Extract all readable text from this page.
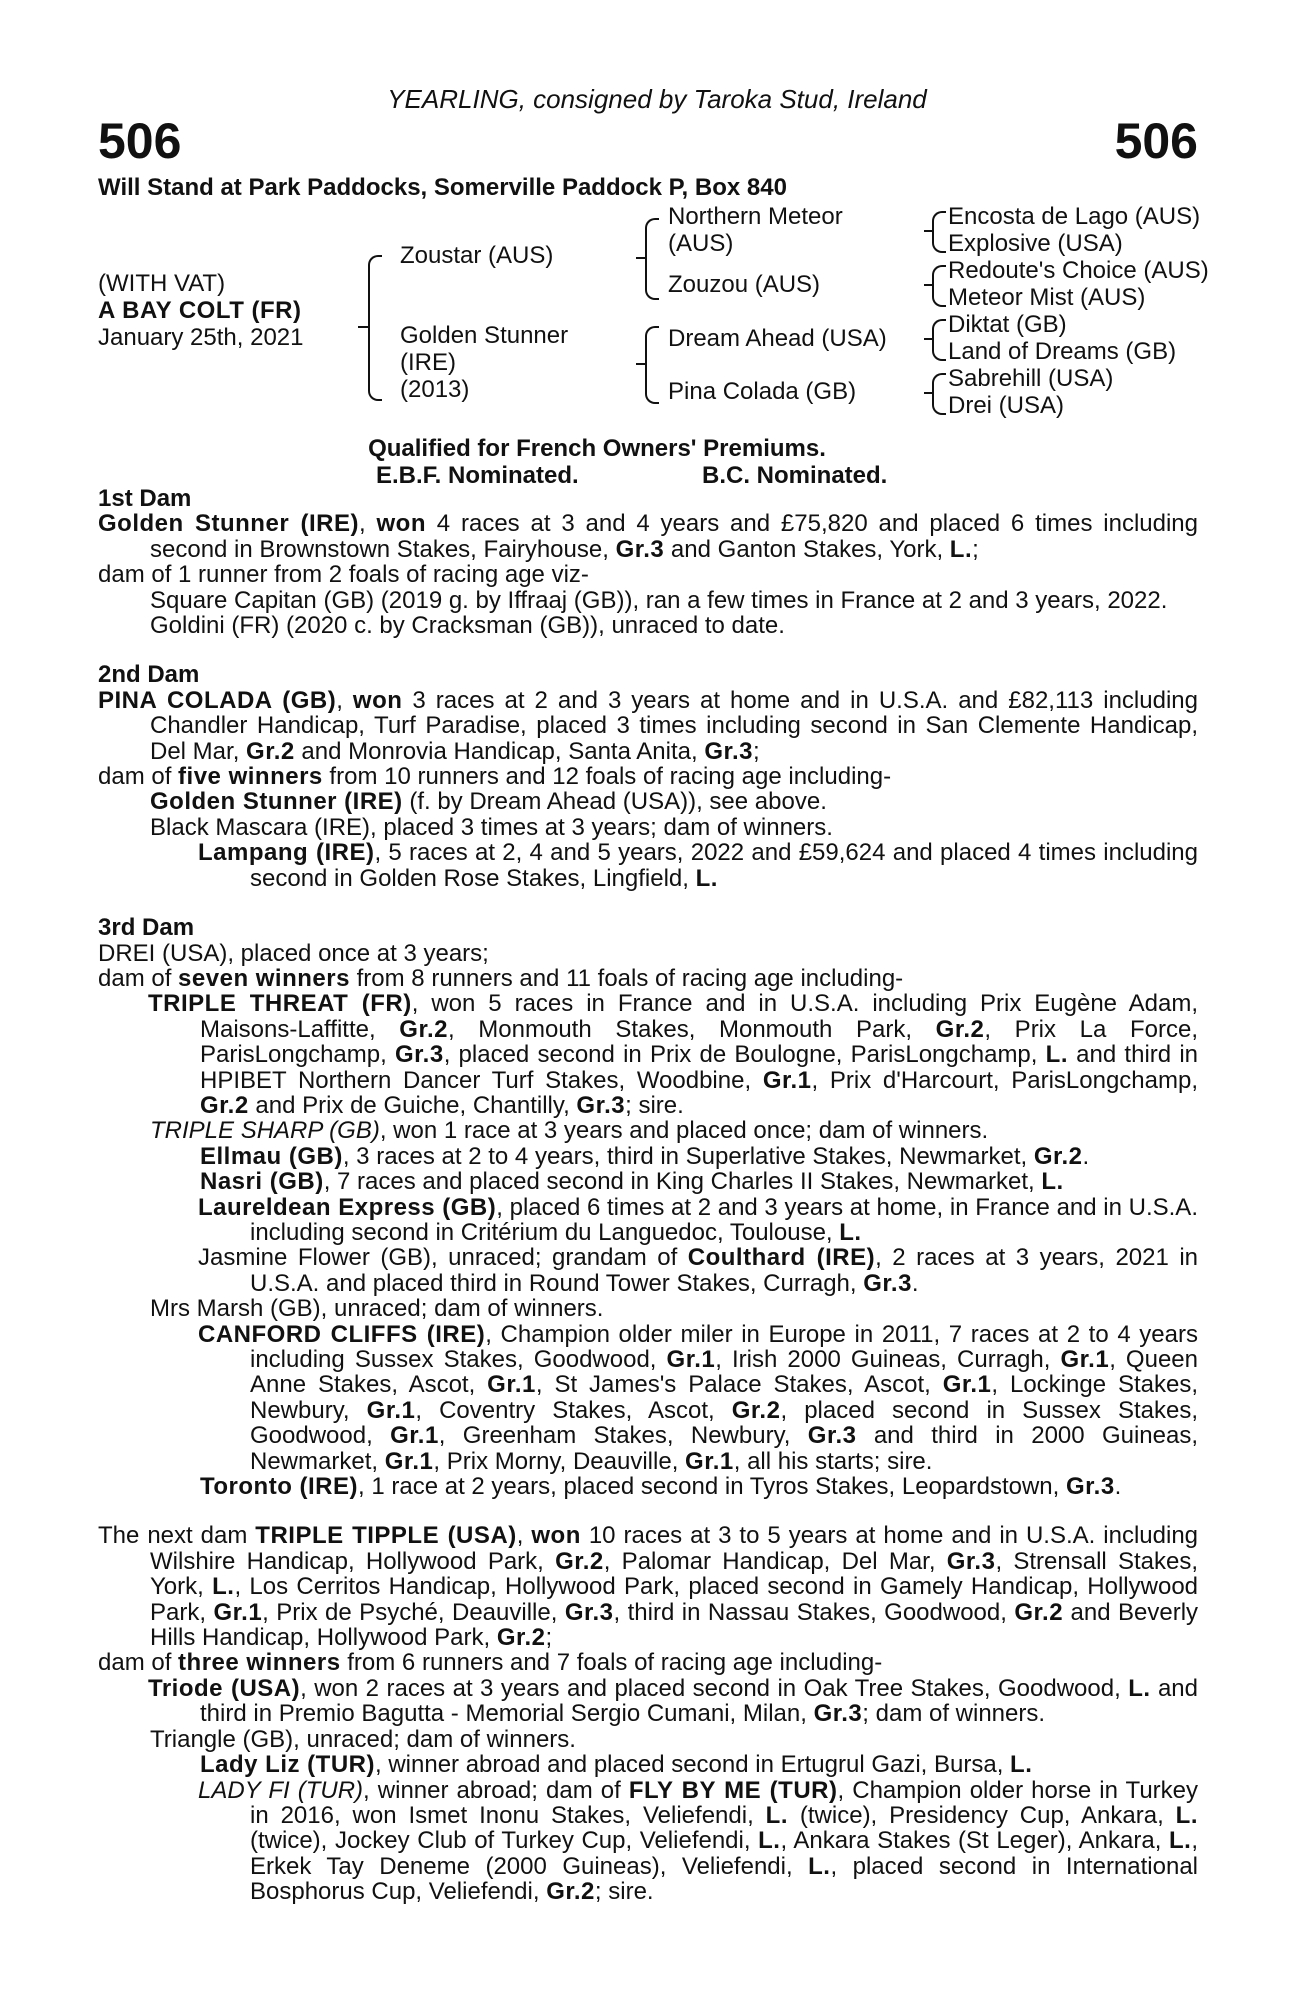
YEARLING, consigned by Taroka Stud, Ireland
506	506
Will Stand at Park Paddocks, Somerville Paddock P, Box 840
(WITH VAT)
A BAY COLT (FR)
January 25th, 2021
Zoustar (AUS)
Golden Stunner
(IRE)
(2013)
Northern Meteor
(AUS)
Zouzou (AUS)
Dream Ahead (USA)
Pina Colada (GB)
Encosta de Lago (AUS)
Explosive (USA)
Redoute's Choice (AUS)
Meteor Mist (AUS)
Diktat (GB)
Land of Dreams (GB)
Sabrehill (USA)
Drei (USA)
Qualified for French Owners' Premiums.
E.B.F. Nominated.	B.C. Nominated.
1st Dam

Golden Stunner (IRE), won 4 races at 3 and 4 years and £75,820 and placed 6 times including second in Brownstown Stakes, Fairyhouse, Gr.3 and Ganton Stakes, York, L.;

dam of 1 runner from 2 foals of racing age viz-

Square Capitan (GB) (2019 g. by Iffraaj (GB)), ran a few times in France at 2 and 3 years, 2022.

Goldini (FR) (2020 c. by Cracksman (GB)), unraced to date.

2nd Dam

PINA COLADA (GB), won 3 races at 2 and 3 years at home and in U.S.A. and £82,113 including Chandler Handicap, Turf Paradise, placed 3 times including second in San Clemente Handicap, Del Mar, Gr.2 and Monrovia Handicap, Santa Anita, Gr.3;

dam of five winners from 10 runners and 12 foals of racing age including-

Golden Stunner (IRE) (f. by Dream Ahead (USA)), see above.

Black Mascara (IRE), placed 3 times at 3 years; dam of winners.

Lampang (IRE), 5 races at 2, 4 and 5 years, 2022 and £59,624 and placed 4 times including second in Golden Rose Stakes, Lingfield, L.

3rd Dam

DREI (USA), placed once at 3 years;

dam of seven winners from 8 runners and 11 foals of racing age including-

TRIPLE THREAT (FR), won 5 races in France and in U.S.A. including Prix Eugène Adam, Maisons-Laffitte, Gr.2, Monmouth Stakes, Monmouth Park, Gr.2, Prix La Force, ParisLongchamp, Gr.3, placed second in Prix de Boulogne, ParisLongchamp, L. and third in HPIBET Northern Dancer Turf Stakes, Woodbine, Gr.1, Prix d'Harcourt, ParisLongchamp, Gr.2 and Prix de Guiche, Chantilly, Gr.3; sire.

TRIPLE SHARP (GB), won 1 race at 3 years and placed once; dam of winners.

Ellmau (GB), 3 races at 2 to 4 years, third in Superlative Stakes, Newmarket, Gr.2.

Nasri (GB), 7 races and placed second in King Charles II Stakes, Newmarket, L.

Laureldean Express (GB), placed 6 times at 2 and 3 years at home, in France and in U.S.A. including second in Critérium du Languedoc, Toulouse, L.

Jasmine Flower (GB), unraced; grandam of Coulthard (IRE), 2 races at 3 years, 2021 in U.S.A. and placed third in Round Tower Stakes, Curragh, Gr.3.

Mrs Marsh (GB), unraced; dam of winners.

CANFORD CLIFFS (IRE), Champion older miler in Europe in 2011, 7 races at 2 to 4 years including Sussex Stakes, Goodwood, Gr.1, Irish 2000 Guineas, Curragh, Gr.1, Queen Anne Stakes, Ascot, Gr.1, St James's Palace Stakes, Ascot, Gr.1, Lockinge Stakes, Newbury, Gr.1, Coventry Stakes, Ascot, Gr.2, placed second in Sussex Stakes, Goodwood, Gr.1, Greenham Stakes, Newbury, Gr.3 and third in 2000 Guineas, Newmarket, Gr.1, Prix Morny, Deauville, Gr.1, all his starts; sire.

Toronto (IRE), 1 race at 2 years, placed second in Tyros Stakes, Leopardstown, Gr.3.

The next dam TRIPLE TIPPLE (USA), won 10 races at 3 to 5 years at home and in U.S.A. including Wilshire Handicap, Hollywood Park, Gr.2, Palomar Handicap, Del Mar, Gr.3, Strensall Stakes, York, L., Los Cerritos Handicap, Hollywood Park, placed second in Gamely Handicap, Hollywood Park, Gr.1, Prix de Psyché, Deauville, Gr.3, third in Nassau Stakes, Goodwood, Gr.2 and Beverly Hills Handicap, Hollywood Park, Gr.2;

dam of three winners from 6 runners and 7 foals of racing age including-

Triode (USA), won 2 races at 3 years and placed second in Oak Tree Stakes, Goodwood, L. and third in Premio Bagutta - Memorial Sergio Cumani, Milan, Gr.3; dam of winners.

Triangle (GB), unraced; dam of winners.

Lady Liz (TUR), winner abroad and placed second in Ertugrul Gazi, Bursa, L.

LADY FI (TUR), winner abroad; dam of FLY BY ME (TUR), Champion older horse in Turkey in 2016, won Ismet Inonu Stakes, Veliefendi, L. (twice), Presidency Cup, Ankara, L. (twice), Jockey Club of Turkey Cup, Veliefendi, L., Ankara Stakes (St Leger), Ankara, L., Erkek Tay Deneme (2000 Guineas), Veliefendi, L., placed second in International Bosphorus Cup, Veliefendi, Gr.2; sire.
